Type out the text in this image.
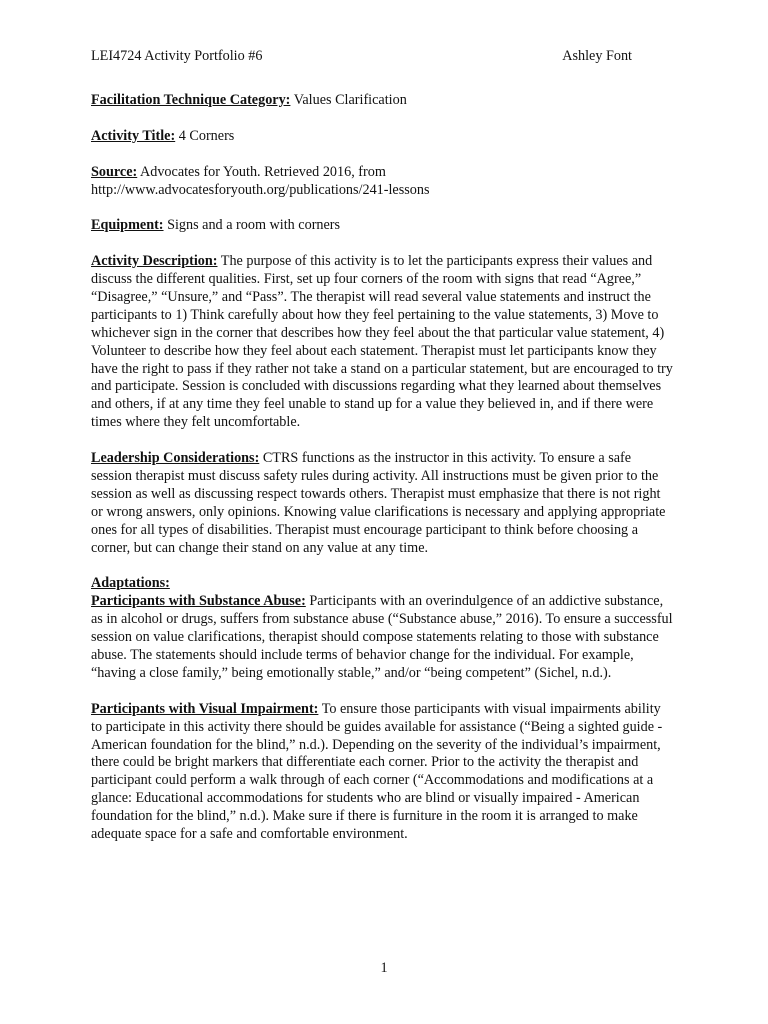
LEI4724 Activity Portfolio #6	Ashley Font

Facilitation Technique Category: Values Clarification

Activity Title: 4 Corners

Source: Advocates for Youth. Retrieved 2016, from http://www.advocatesforyouth.org/publications/241-lessons

Equipment: Signs and a room with corners

Activity Description: The purpose of this activity is to let the participants express their values and discuss the different qualities. First, set up four corners of the room with signs that read “Agree,” “Disagree,” “Unsure,” and “Pass”. The therapist will read several value statements and instruct the participants to 1) Think carefully about how they feel pertaining to the value statements, 3) Move to whichever sign in the corner that describes how they feel about the that particular value statement, 4) Volunteer to describe how they feel about each statement. Therapist must let participants know they have the right to pass if they rather not take a stand on a particular statement, but are encouraged to try and participate. Session is concluded with discussions regarding what they learned about themselves and others, if at any time they feel unable to stand up for a value they believed in, and if there were times where they felt uncomfortable.

Leadership Considerations: CTRS functions as the instructor in this activity. To ensure a safe session therapist must discuss safety rules during activity. All instructions must be given prior to the session as well as discussing respect towards others. Therapist must emphasize that there is not right or wrong answers, only opinions. Knowing value clarifications is necessary and applying appropriate ones for all types of disabilities. Therapist must encourage participant to think before choosing a corner, but can change their stand on any value at any time.

Adaptations:
Participants with Substance Abuse: Participants with an overindulgence of an addictive substance, as in alcohol or drugs, suffers from substance abuse (“Substance abuse,” 2016). To ensure a successful session on value clarifications, therapist should compose statements relating to those with substance abuse. The statements should include terms of behavior change for the individual. For example, “having a close family,” being emotionally stable,” and/or “being competent” (Sichel, n.d.).

Participants with Visual Impairment: To ensure those participants with visual impairments ability to participate in this activity there should be guides available for assistance (“Being a sighted guide - American foundation for the blind,” n.d.). Depending on the severity of the individual’s impairment, there could be bright markers that differentiate each corner. Prior to the activity the therapist and participant could perform a walk through of each corner (“Accommodations and modifications at a glance: Educational accommodations for students who are blind or visually impaired - American foundation for the blind,” n.d.). Make sure if there is furniture in the room it is arranged to make adequate space for a safe and comfortable environment.

1
